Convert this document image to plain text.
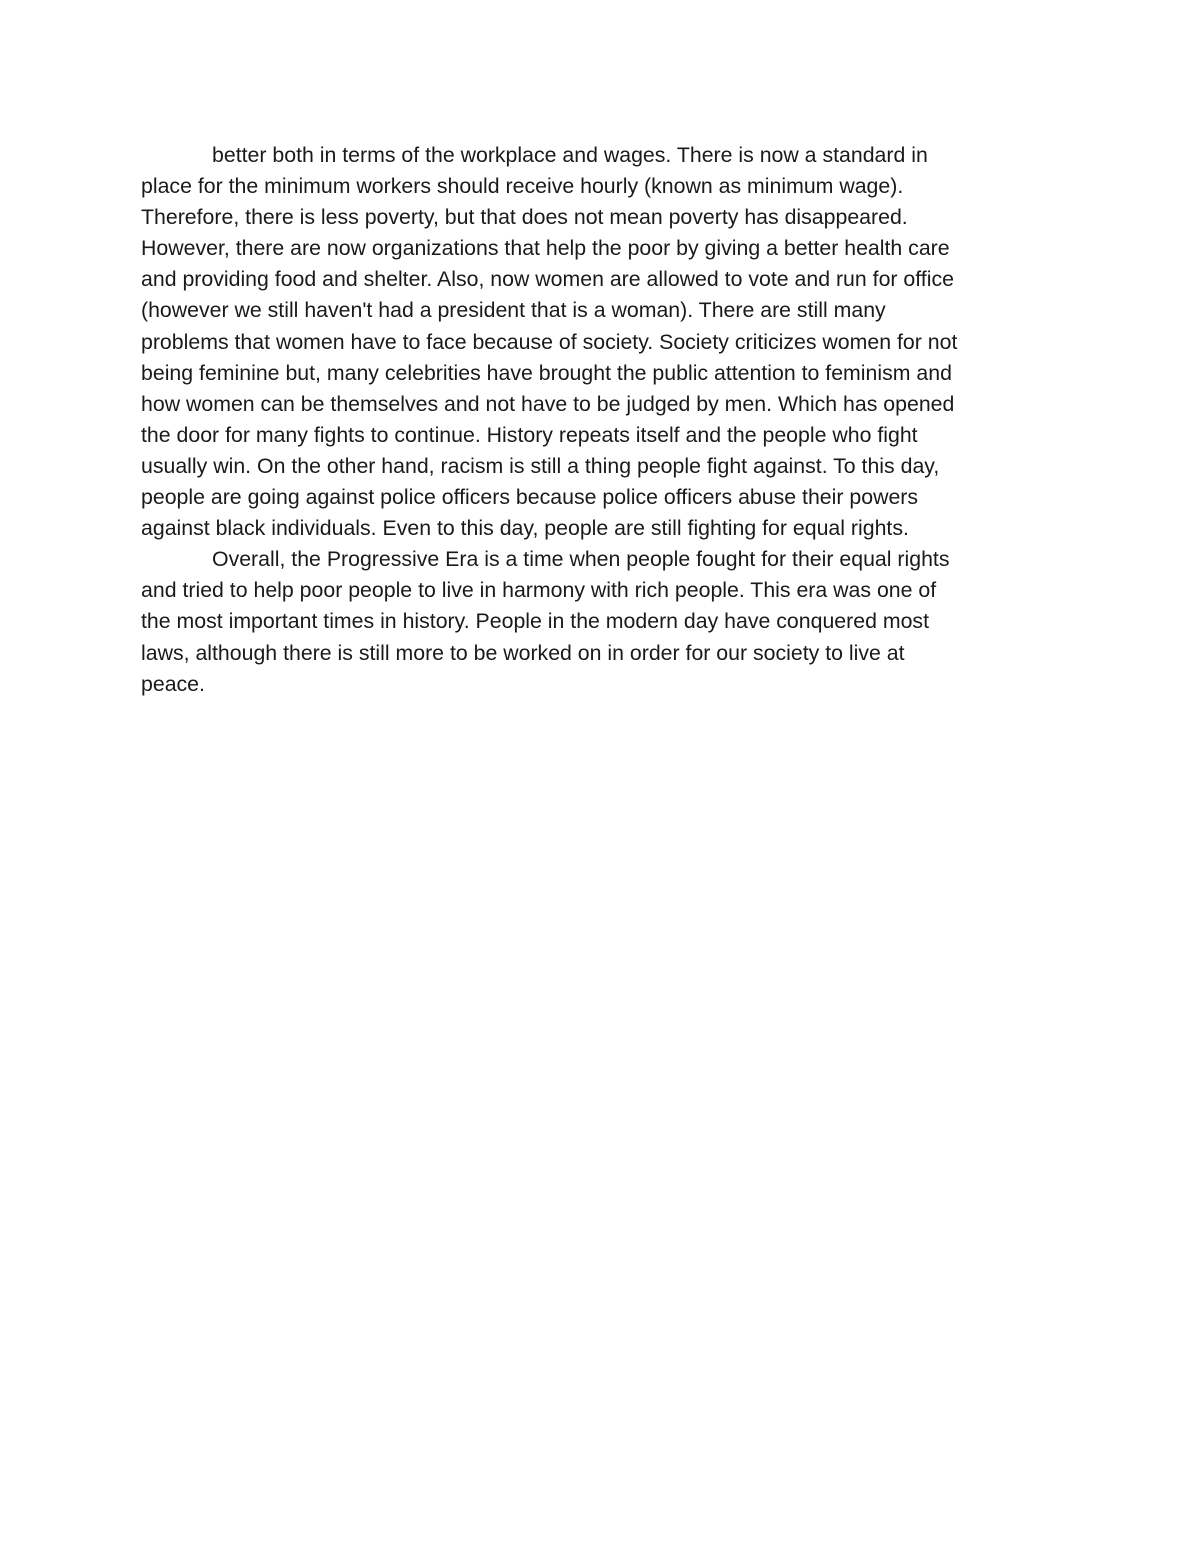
better both in terms of the workplace and wages. There is now a standard in
place for the minimum workers should receive hourly (known as minimum wage).
Therefore, there is less poverty, but that does not mean poverty has disappeared.
However, there are now organizations that help the poor by giving a better health care
and providing food and shelter. Also, now women are allowed to vote and run for office
(however we still haven't had a president that is a woman). There are still many
problems that women have to face because of society. Society criticizes women for not
being feminine but, many celebrities have brought the public attention to feminism and
how women can be themselves and not have to be judged by men. Which has opened
the door for many fights to continue. History repeats itself and the people who fight
usually win. On the other hand, racism is still a thing people fight against. To this day,
people are going against police officers because police officers abuse their powers
against black individuals. Even to this day, people are still fighting for equal rights.
Overall, the Progressive Era is a time when people fought for their equal rights
and tried to help poor people to live in harmony with rich people. This era was one of
the most important times in history. People in the modern day have conquered most
laws, although there is still more to be worked on in order for our society to live at
peace.
